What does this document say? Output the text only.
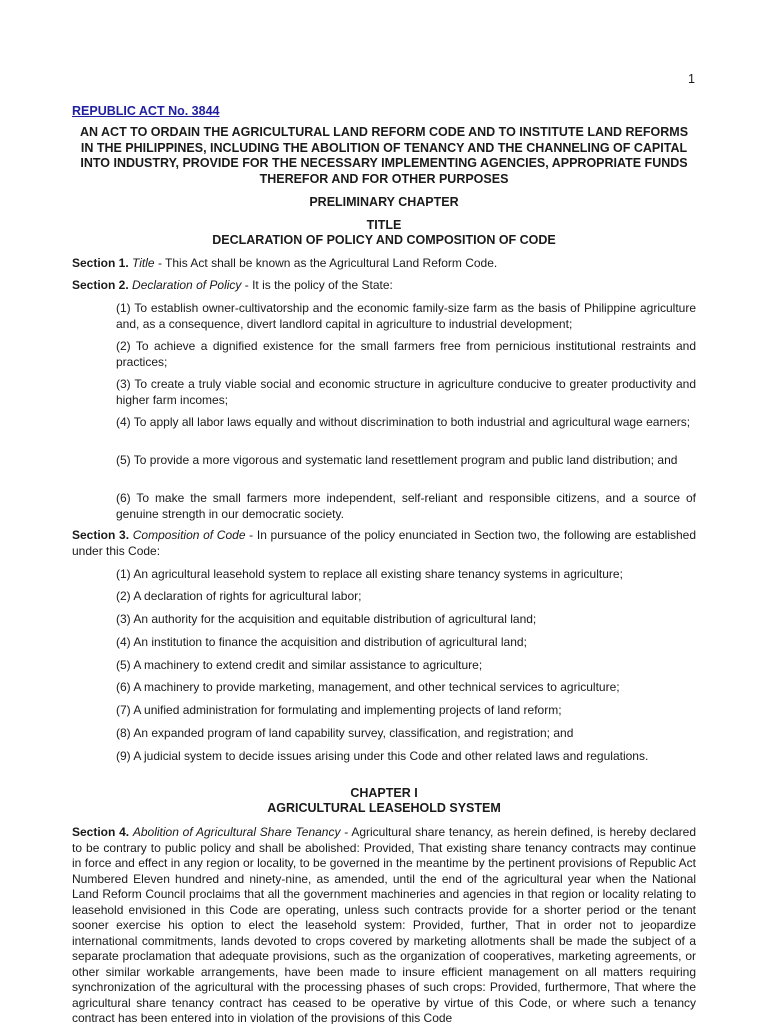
1
REPUBLIC ACT No. 3844
AN ACT TO ORDAIN THE AGRICULTURAL LAND REFORM CODE AND TO INSTITUTE LAND REFORMS IN THE PHILIPPINES, INCLUDING THE ABOLITION OF TENANCY AND THE CHANNELING OF CAPITAL INTO INDUSTRY, PROVIDE FOR THE NECESSARY IMPLEMENTING AGENCIES, APPROPRIATE FUNDS THEREFOR AND FOR OTHER PURPOSES
PRELIMINARY CHAPTER
TITLE
DECLARATION OF POLICY AND COMPOSITION OF CODE
Section 1. Title - This Act shall be known as the Agricultural Land Reform Code.
Section 2. Declaration of Policy - It is the policy of the State:
(1) To establish owner-cultivatorship and the economic family-size farm as the basis of Philippine agriculture and, as a consequence, divert landlord capital in agriculture to industrial development;
(2) To achieve a dignified existence for the small farmers free from pernicious institutional restraints and practices;
(3) To create a truly viable social and economic structure in agriculture conducive to greater productivity and higher farm incomes;
(4) To apply all labor laws equally and without discrimination to both industrial and agricultural wage earners;
(5) To provide a more vigorous and systematic land resettlement program and public land distribution; and
(6) To make the small farmers more independent, self-reliant and responsible citizens, and a source of genuine strength in our democratic society.
Section 3. Composition of Code - In pursuance of the policy enunciated in Section two, the following are established under this Code:
(1) An agricultural leasehold system to replace all existing share tenancy systems in agriculture;
(2) A declaration of rights for agricultural labor;
(3) An authority for the acquisition and equitable distribution of agricultural land;
(4) An institution to finance the acquisition and distribution of agricultural land;
(5) A machinery to extend credit and similar assistance to agriculture;
(6) A machinery to provide marketing, management, and other technical services to agriculture;
(7) A unified administration for formulating and implementing projects of land reform;
(8) An expanded program of land capability survey, classification, and registration; and
(9) A judicial system to decide issues arising under this Code and other related laws and regulations.
CHAPTER I
AGRICULTURAL LEASEHOLD SYSTEM
Section 4. Abolition of Agricultural Share Tenancy - Agricultural share tenancy, as herein defined, is hereby declared to be contrary to public policy and shall be abolished: Provided, That existing share tenancy contracts may continue in force and effect in any region or locality, to be governed in the meantime by the pertinent provisions of Republic Act Numbered Eleven hundred and ninety-nine, as amended, until the end of the agricultural year when the National Land Reform Council proclaims that all the government machineries and agencies in that region or locality relating to leasehold envisioned in this Code are operating, unless such contracts provide for a shorter period or the tenant sooner exercise his option to elect the leasehold system: Provided, further, That in order not to jeopardize international commitments, lands devoted to crops covered by marketing allotments shall be made the subject of a separate proclamation that adequate provisions, such as the organization of cooperatives, marketing agreements, or other similar workable arrangements, have been made to insure efficient management on all matters requiring synchronization of the agricultural with the processing phases of such crops: Provided, furthermore, That where the agricultural share tenancy contract has ceased to be operative by virtue of this Code, or where such a tenancy contract has been entered into in violation of the provisions of this Code
